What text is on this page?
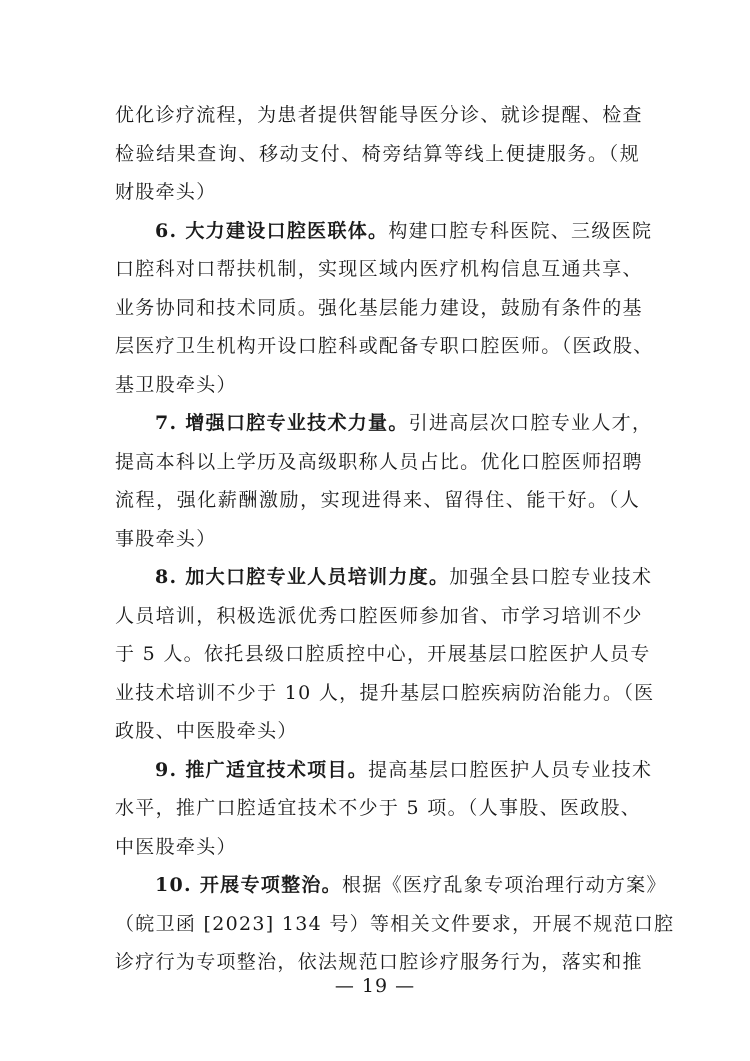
优化诊疗流程，为患者提供智能导医分诊、就诊提醒、检查
检验结果查询、移动支付、椅旁结算等线上便捷服务。（规
财股牵头）
6. 大力建设口腔医联体。构建口腔专科医院、三级医院
口腔科对口帮扶机制，实现区域内医疗机构信息互通共享、
业务协同和技术同质。强化基层能力建设，鼓励有条件的基
层医疗卫生机构开设口腔科或配备专职口腔医师。（医政股、
基卫股牵头）
7. 增强口腔专业技术力量。引进高层次口腔专业人才，
提高本科以上学历及高级职称人员占比。优化口腔医师招聘
流程，强化薪酬激励，实现进得来、留得住、能干好。（人
事股牵头）
8. 加大口腔专业人员培训力度。加强全县口腔专业技术
人员培训，积极选派优秀口腔医师参加省、市学习培训不少
于 5 人。依托县级口腔质控中心，开展基层口腔医护人员专
业技术培训不少于 10 人，提升基层口腔疾病防治能力。（医
政股、中医股牵头）
9. 推广适宜技术项目。提高基层口腔医护人员专业技术
水平，推广口腔适宜技术不少于 5 项。（人事股、医政股、
中医股牵头）
10. 开展专项整治。根据《医疗乱象专项治理行动方案》
（皖卫函 [2023] 134 号）等相关文件要求，开展不规范口腔
诊疗行为专项整治，依法规范口腔诊疗服务行为，落实和推
— 19 —
